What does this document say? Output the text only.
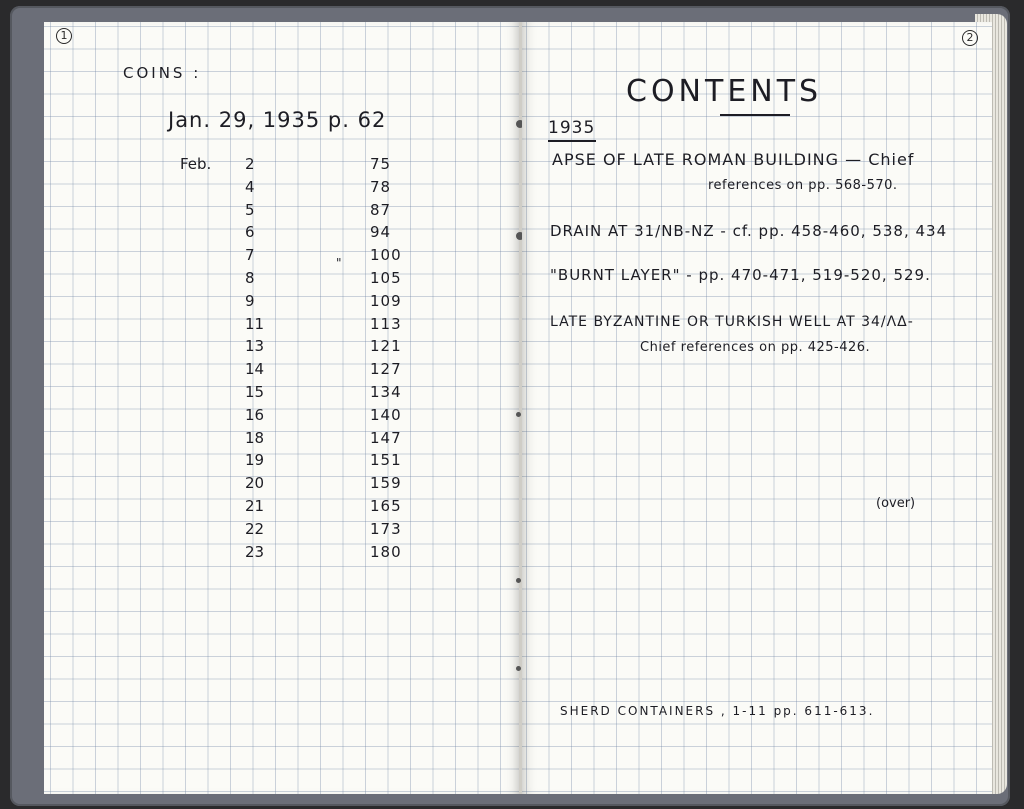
1
COINS :
Jan. 29, 1935 p. 62
Feb.
"
2	75
4	78
5	87
6	94
7	100
8	105
9	109
11	113
13	121
14	127
15	134
16	140
18	147
19	151
20	159
21	165
22	173
23	180
2
CONTENTS
1935
APSE OF LATE ROMAN BUILDING — Chief
references on pp. 568-570.
DRAIN AT 31/NB-NZ - cf. pp. 458-460, 538, 434
"BURNT LAYER" - pp. 470-471, 519-520, 529.
LATE BYZANTINE OR TURKISH WELL AT 34/ΛΔ-
Chief references on pp. 425-426.
(over)
SHERD CONTAINERS , 1-11 pp. 611-613.
